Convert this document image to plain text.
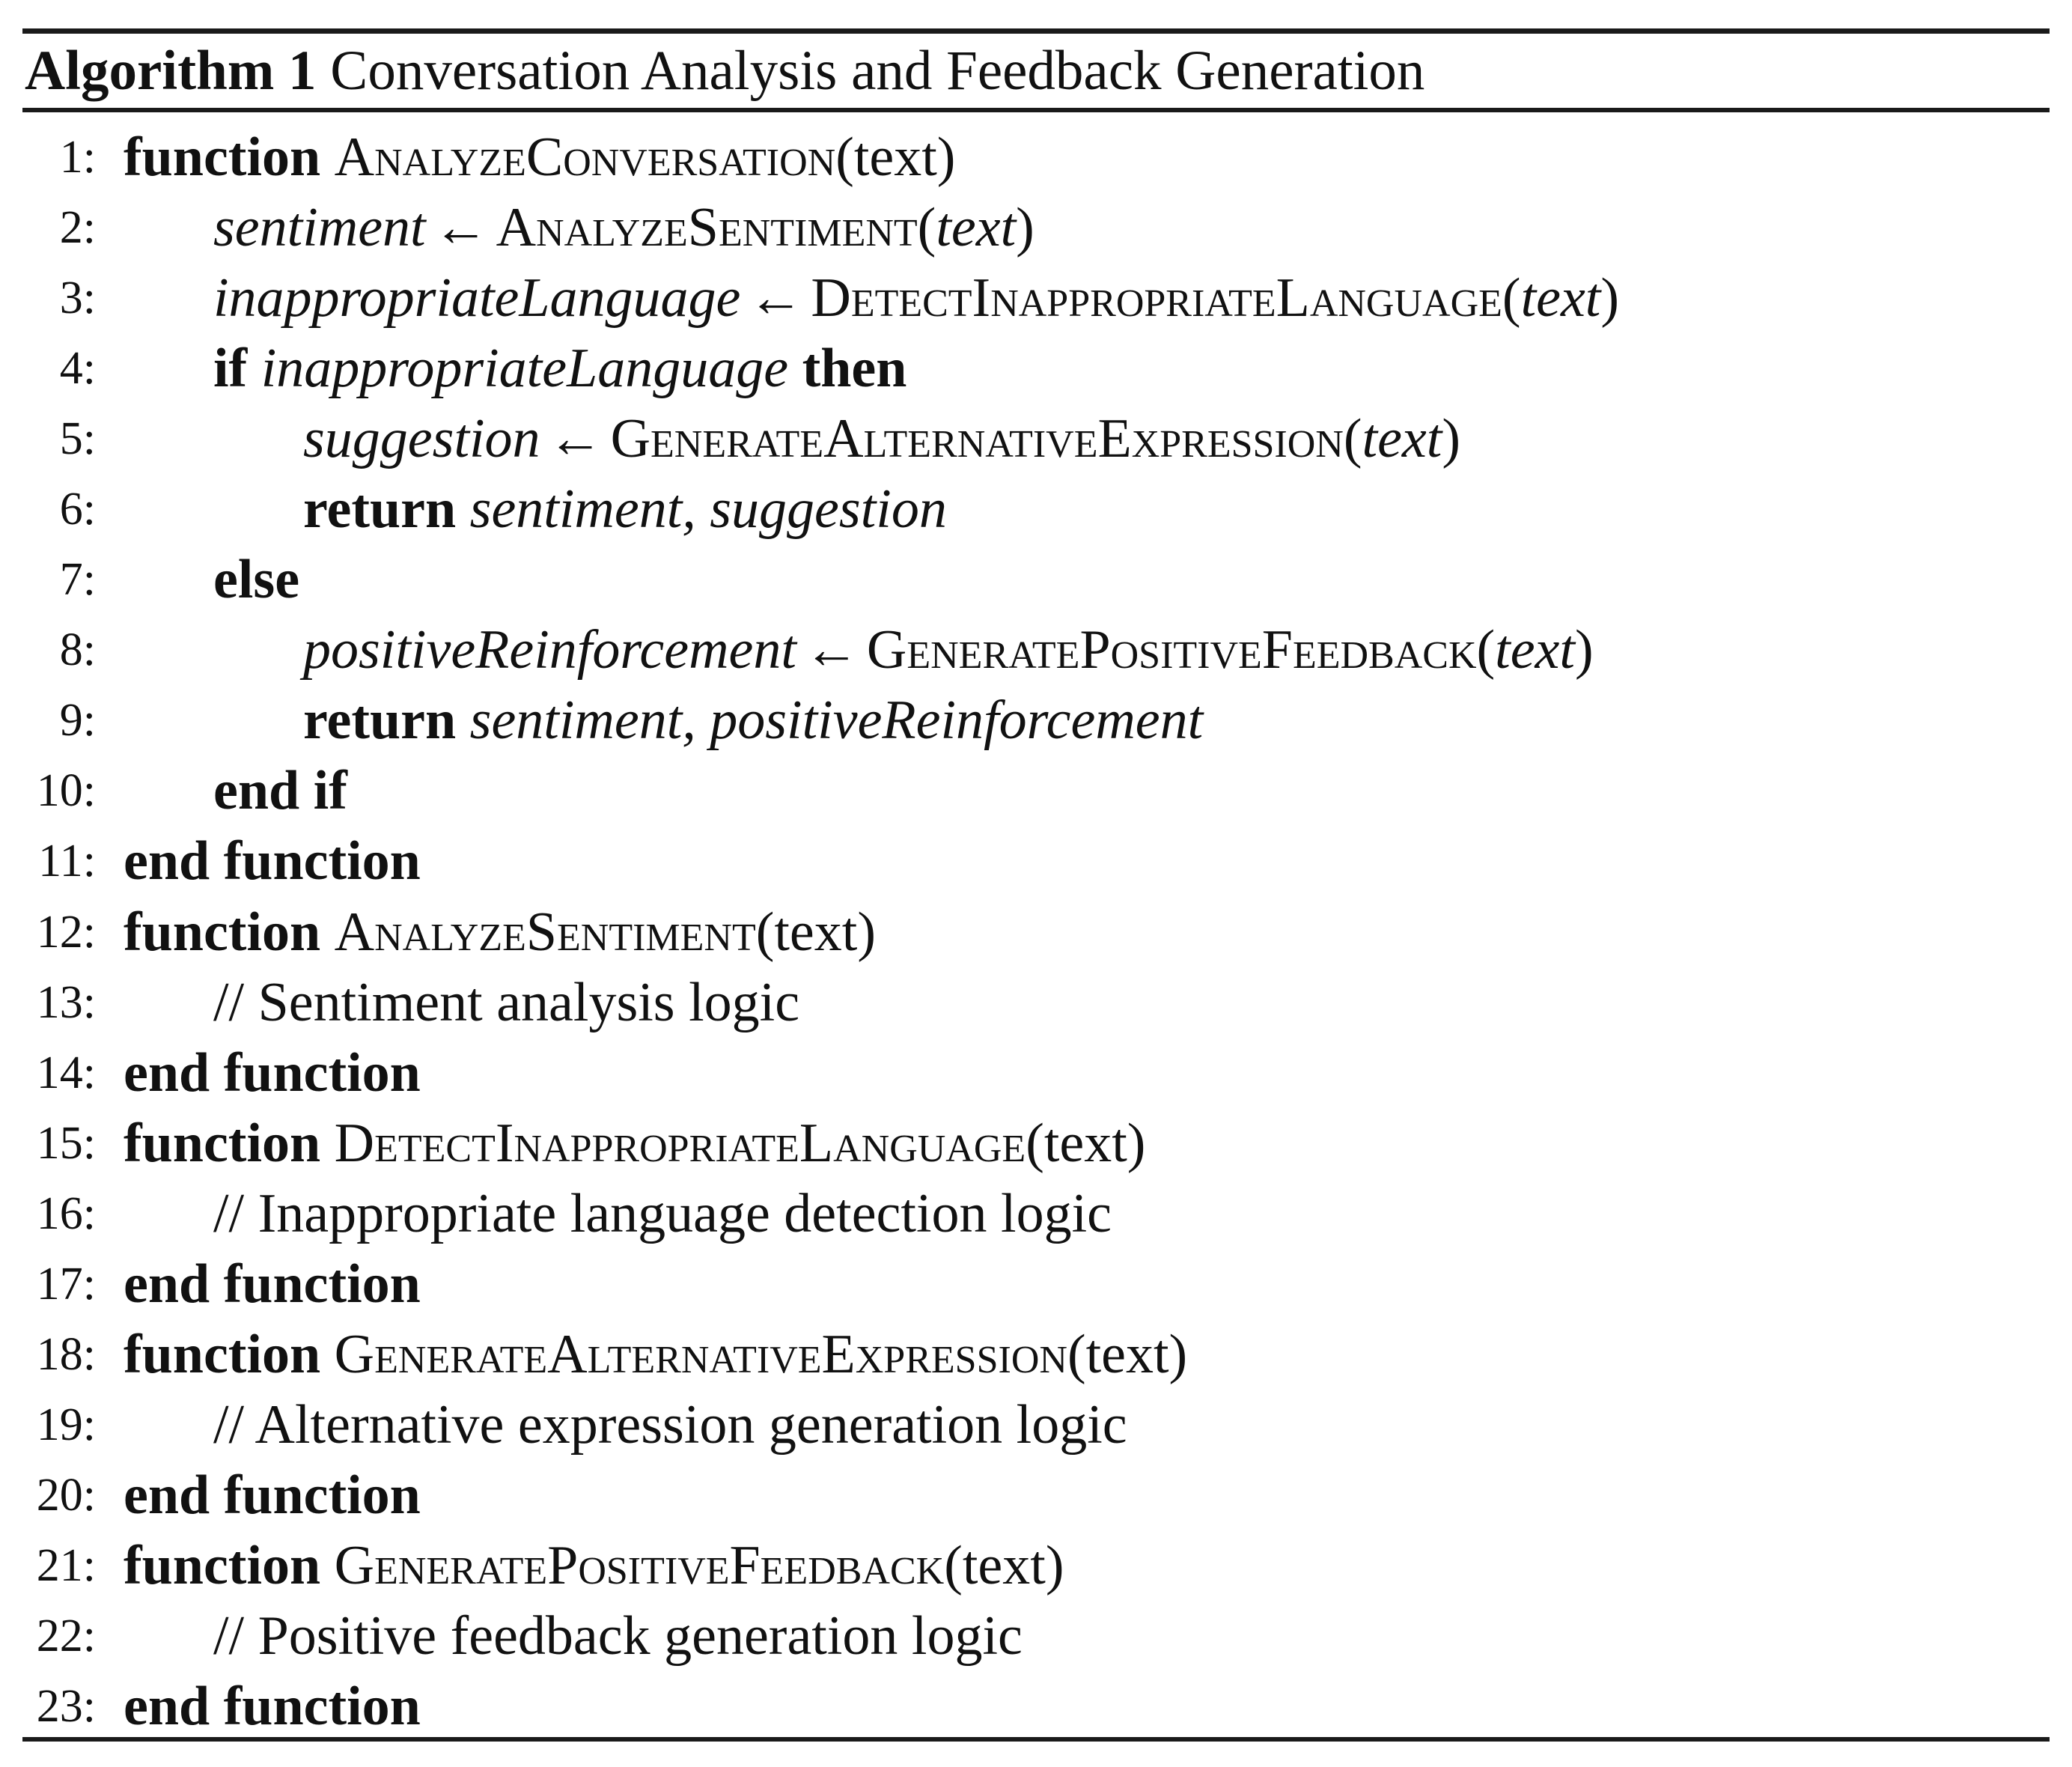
Algorithm 1 Conversation Analysis and Feedback Generation
1: function AnalyzeConversation(text)
2: sentiment ← AnalyzeSentiment(text)
3: inappropriateLanguage ← DetectInappropriateLanguage(text)
4: if inappropriateLanguage then
5:	suggestion ← GenerateAlternativeExpression(text)
6:	return sentiment, suggestion
7: else
8:	positiveReinforcement ← GeneratePositiveFeedback(text)
9:	return sentiment, positiveReinforcement
10: end if
11: end function
12: function AnalyzeSentiment(text)
13: // Sentiment analysis logic
14: end function
15: function DetectInappropriateLanguage(text)
16: // Inappropriate language detection logic
17: end function
18: function GenerateAlternativeExpression(text)
19: // Alternative expression generation logic
20: end function
21: function GeneratePositiveFeedback(text)
22: // Positive feedback generation logic
23: end function
